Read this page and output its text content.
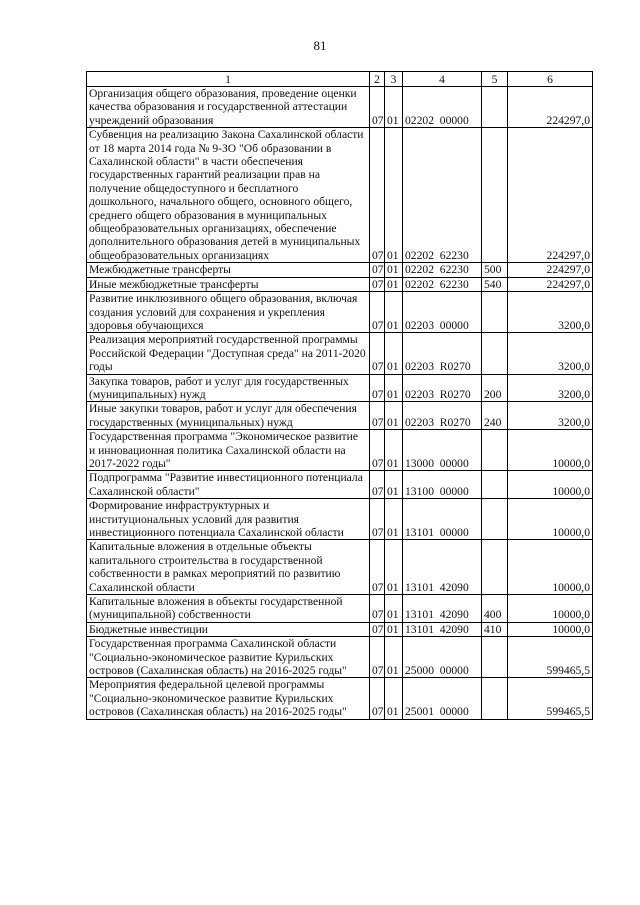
81
1	2	3	4	5	6
Организация общего образования, проведение оценки качества образования и государственной аттестации учреждений образования	07	01	02202  00000		224297,0
Субвенция на реализацию Закона Сахалинской области от 18 марта 2014 года № 9-ЗО "Об образовании в Сахалинской области" в части обеспечения государственных гарантий реализации прав на получение общедоступного и бесплатного дошкольного, начального общего, основного общего, среднего общего образования в муниципальных общеобразовательных организациях, обеспечение дополнительного образования детей в муниципальных общеобразовательных организациях	07	01	02202  62230		224297,0
Межбюджетные трансферты	07	01	02202  62230	500	224297,0
Иные межбюджетные трансферты	07	01	02202  62230	540	224297,0
Развитие инклюзивного общего образования, включая создания условий для сохранения и укрепления здоровья обучающихся	07	01	02203  00000		3200,0
Реализация мероприятий государственной программы Российской Федерации "Доступная среда" на 2011-2020 годы	07	01	02203  R0270		3200,0
Закупка товаров, работ и услуг для государственных (муниципальных) нужд	07	01	02203  R0270	200	3200,0
Иные закупки товаров, работ и услуг для обеспечения государственных (муниципальных) нужд	07	01	02203  R0270	240	3200,0
Государственная программа "Экономическое развитие и инновационная политика Сахалинской области на 2017-2022 годы"	07	01	13000  00000		10000,0
Подпрограмма "Развитие инвестиционного потенциала Сахалинской области"	07	01	13100  00000		10000,0
Формирование инфраструктурных и институциональных условий для развития инвестиционного потенциала Сахалинской области	07	01	13101  00000		10000,0
Капитальные вложения в отдельные объекты капитального строительства в государственной собственности в рамках мероприятий по развитию Сахалинской области	07	01	13101  42090		10000,0
Капитальные вложения в объекты государственной (муниципальной) собственности	07	01	13101  42090	400	10000,0
Бюджетные инвестиции	07	01	13101  42090	410	10000,0
Государственная программа Сахалинской области "Социально-экономическое развитие Курильских островов (Сахалинская область) на 2016-2025 годы"	07	01	25000  00000		599465,5
Мероприятия федеральной целевой программы "Социально-экономическое развитие Курильских островов (Сахалинская область) на 2016-2025 годы"	07	01	25001  00000		599465,5
